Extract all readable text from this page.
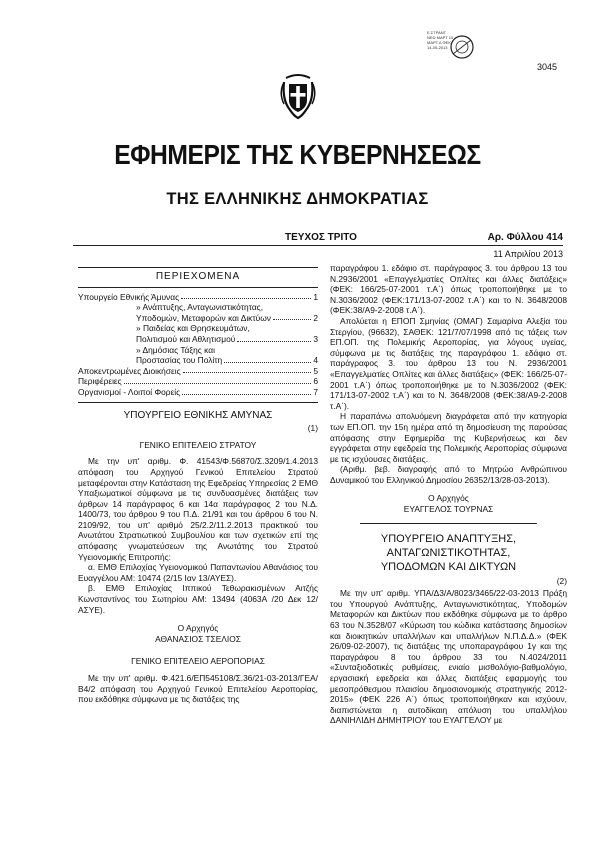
3045
Ε.ΣΤΡΑΝΤ ΝΕΩ ΜΑΡΤ 10 ΜΑΡΤ Δ ΦΕΚ 14-05-2013
ΕΦΗΜΕΡΙΣ ΤΗΣ ΚΥΒΕΡΝΗΣΕΩΣ
ΤΗΣ ΕΛΛΗΝΙΚΗΣ ΔΗΜΟΚΡΑΤΙΑΣ
ΤΕΥΧΟΣ ΤΡΙΤΟ	Αρ. Φύλλου 414
11 Απριλίου 2013
ΠΕΡΙΕΧΟΜΕΝΑ
Υπουργείο Εθνικής Άμυνας	1
» Ανάπτυξης, Ανταγωνιστικότητας,
Υποδομών, Μεταφορών και Δικτύων	2
» Παιδείας και Θρησκευμάτων,
Πολιτισμού και Αθλητισμού	3
» Δημόσιας Τάξης και
Προστασίας του Πολίτη	4
Αποκεντρωμένες Διοικήσεις	5
Περιφέρειες	6
Οργανισμοί - Λοιποί Φορείς	7
ΥΠΟΥΡΓΕΙΟ ΕΘΝΙΚΗΣ ΑΜΥΝΑΣ
(1)
ΓΕΝΙΚΟ ΕΠΙΤΕΛΕΙΟ ΣΤΡΑΤΟΥ

Με την υπ' αριθμ. Φ. 41543/Φ.56870/Σ.3209/1.4.2013 απόφαση του Αρχηγού Γενικού Επιτελείου Στρατού μεταφέρονται στην Κατάσταση της Εφεδρείας Υπηρεσίας 2 ΕΜΘ Υπαξιωματικοί σύμφωνα με τις συνδυασμένες διατάξεις των άρθρων 14 παράγραφος 6 και 14α παράγραφος 2 του Ν.Δ. 1400/73, του άρθρου 9 του Π.Δ. 21/91 και του άρθρου 6 του Ν. 2109/92, του υπ' αριθμό 25/2.2/11.2.2013 πρακτικού του Ανωτάτου Στρατιωτικού Συμβουλίου και των σχετικών επί της απόφασης γνωματεύσεων της Ανωτάτης του Στρατού Υγειονομικής Επιτροπής:

α. ΕΜΘ Επιλοχίας Υγειονομικού Παπαντωνίου Αθανάσιος του Ευαγγέλου ΑΜ: 10474 (2/15 Ιαν 13/ΑΥΕΣ).

β. ΕΜΘ Επιλοχίας Ιππικού Τεθωρακισμένων Αιτζής Κωνσταντίνος του Σωτηρίου ΑΜ: 13494 (4063Α /20 Δεκ 12/ΑΣΥΕ).

Ο Αρχηγός
ΑΘΑΝΑΣΙΟΣ ΤΣΕΛΙΟΣ
ΓΕΝΙΚΟ ΕΠΙΤΕΛΕΙΟ ΑΕΡΟΠΟΡΙΑΣ

Με την υπ' αριθμ. Φ.421.6/ΕΠ545108/Σ.36/21-03-2013/ΓΕΑ/Β4/2 απόφαση του Αρχηγού Γενικού Επιτελείου Αεροπορίας, που εκδόθηκε σύμφωνα με τις διατάξεις της

παραγράφου 1. εδάφιο στ. παράγραφος 3. του άρθρου 13 του Ν.2936/2001 «Επαγγελματίες Οπλίτες και άλλες διατάξεις» (ΦΕΚ: 166/25-07-2001 τ.Α΄) όπως τροποποιήθηκε με το Ν.3036/2002 (ΦΕΚ:171/13-07-2002 τ.Α΄) και το Ν. 3648/2008 (ΦΕΚ:38/Α9-2-2008 τ.Α΄).

Απολύεται η ΕΠΟΠ Σμηνίας (ΟΜΑΓ) Σαμαρίνα Αλεξία του Στεργίου, (96632), ΣΑΘΕΚ: 121/7/07/1998 από τις τάξεις των ΕΠ.ΟΠ. της Πολεμικής Αεροπορίας, για λόγους υγείας, σύμφωνα με τις διατάξεις της παραγράφου 1. εδάφιο στ. παράγραφος 3. του άρθρου 13 του Ν. 2936/2001 «Επαγγελματίες Οπλίτες και άλλες διατάξεις» (ΦΕΚ: 166/25-07-2001 τ.Α΄) όπως τροποποιήθηκε με το Ν.3036/2002 (ΦΕΚ: 171/13-07-2002 τ.Α΄) και το Ν. 3648/2008 (ΦΕΚ:38/Α9-2-2008 τ.Α΄).

Η παραπάνω απολυόμενη διαγράφεται από την κατηγορία των ΕΠ.ΟΠ. την 15η ημέρα από τη δημοσίευση της παρούσας απόφασης στην Εφημερίδα της Κυβερνήσεως και δεν εγγράφεται στην εφεδρεία της Πολεμικής Αεροπορίας σύμφωνα με τις ισχύουσες διατάξεις.

(Αριθμ. βεβ. διαγραφής από το Μητρώο Ανθρώπινου Δυναμικού του Ελληνικού Δημοσίου 26352/13/28-03-2013).

Ο Αρχηγός
ΕΥΑΓΓΕΛΟΣ ΤΟΥΡΝΑΣ
ΥΠΟΥΡΓΕΙΟ ΑΝΑΠΤΥΞΗΣ,
ΑΝΤΑΓΩΝΙΣΤΙΚΟΤΗΤΑΣ,
ΥΠΟΔΟΜΩΝ ΚΑΙ ΔΙΚΤΥΩΝ
(2)

Με την υπ' αριθμ. ΥΠΑ/Δ3/Α/8023/3465/22-03-2013 Πράξη του Υπουργού Ανάπτυξης, Ανταγωνιστικότητας, Υποδομών Μεταφορών και Δικτύων που εκδόθηκε σύμφωνα με το άρθρο 63 του Ν.3528/07 «Κύρωση του κώδικα κατάστασης δημοσίων και διοικητικών υπαλλήλων και υπαλλήλων Ν.Π.Δ.Δ.» (ΦΕΚ 26/09-02-2007), τις διατάξεις της υποπαραγράφου 1γ και της παραγράφου 8 του άρθρου 33 του Ν.4024/2011 «Συνταξιοδοτικές ρυθμίσεις, ενιαίο μισθολόγιο-βαθμολόγιο, εργασιακή εφεδρεία και άλλες διατάξεις εφαρμογής του μεσοπρόθεσμου πλαισίου δημοσιονομικής στρατηγικής 2012-2015» (ΦΕΚ 226 Α΄) όπως τροποποιήθηκαν και ισχύουν, διαπιστώνεται η αυτοδίκαιη απόλυση του υπαλλήλου ΔΑΝΙΗΛΙΔΗ ΔΗΜΗΤΡΙΟΥ του ΕΥΑΓΓΕΛΟΥ με
